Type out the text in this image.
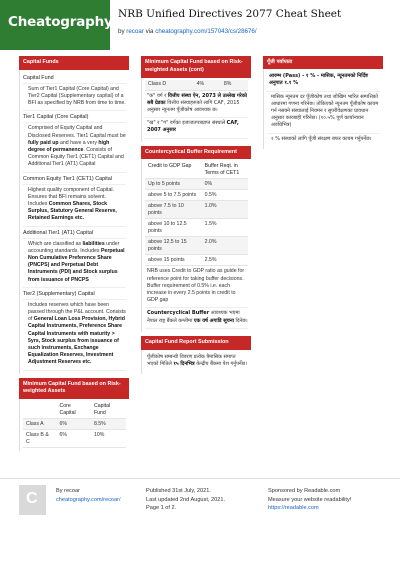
Cheatography NRB Unified Directives 2077 Cheat Sheet
by recoar via cheatography.com/157043/cs/28676/
Capital Funds
Capital Fund
Sum of Tier1 Capital (Core Capital) and Tier2 Capital (Supplementary capital) of a BFI as specified by NRB from time to time.
Tier1 Capital (Core Capital)
Comprised of Equity Capital and Disclosed Reserves. Tier1 Capital must be fully paid up and have a very high degree of permanence. Consists of Common Equity Tier1 (CET1) Capital and Additional Tier1 (AT1) Capital
Common Equity Tier1 (CET1) Capital
Highest quality component of Capital. Ensures that BFI remains solvent. Includes Common Shares, Stock Surplus, Statutory General Reserve, Retained Earnings etc.
Additional Tier1 (AT1) Capital
Which are classified as liabilities under accounting standards. Includes Perpetual Non Cumulative Preference Share (PNCPS) and Perpetual Debt Instruments (PDI) and Stock surplus from issuance of PNCPS
Tier2 (Supplementary) Capital
Includes reserves which have been passed through the P&L account. Consists of General Loan Loss Provision, Hybrid Capital Instruments, Preference Share Capital Instruments with maturity > 5yrs, Stock surplus from issuance of such instruments, Exchange Equalization Reserves, Investment Adjustment Reserves etc.
Minimum Capital Fund based on Risk-weighted Assets
	Core Capital	Capital Fund
Class A	6%	8.5%
Class B & C	6%	10%
Minimum Capital Fund based on Risk-weighted Assets (cont)
Class D	4%	8%
"क" वर्ग र वित्तीय संस्था ऐन, 2073 ले उल्लेख गरेको सबै ग्रेडका वित्तीय संस्थाहरूको लागि CAF, 2015 अनुसार न्यूनतम पूँजीकोष आवश्यक छ।
"ख" र "ग" वर्गका इजाजतपत्रप्राप्त संस्थाले CAF, 2007 अनुसार
Countercyclical Buffer Requirement
Credit to GDP Gap	Buffer Reqt. in Terms of CET1
Up to 5 points	0%
above 5 to 7.5 points	0.5%
above 7.5 to 10 points	1.0%
above 10 to 12.5 points	1.5%
above 12.5 to 15 points	2.0%
above 15 points	2.5%
NRB uses Credit to GDP ratio as guide for reference point for taking buffer decisions. Buffer requirement of 0.5% i.e. each increase in every 2.5 points in credit to GDP gap
Countercyclical Buffer आवश्यक भएमा नेपाल राष्ट्र बैंकले कम्तीमा एक वर्ष अगाडि सूचना दिनेछ।
Capital Fund Report Submission
पूँजीकोष सम्बन्धी विवरण प्रत्येक त्रैमासिक समाप्त भएको मितिले १५ दिनभित्र केन्द्रीय बैंकमा पेश गर्नुपर्नेछ।
पूँजी पर्याप्तता
आरम्भ (Pass) - १ % - मासिक, न्यूनतमको निर्दिष्ट अनुपात १.१ %
मासिक न्यूनतम दर पूँजीकोष तथा जोखिम भारित सम्पत्तिको आधारमा गणना गरिनेछ। तोकिएको न्यूनतम पूँजीकोष कायम गर्न नसक्ने संस्थालाई नियमन र सुपरीवेक्षणका प्रावधान अनुसार कारबाही गरिनेछ। (१०.५% पूर्ण कार्यान्वयन अवधिभित्र)
२ % संस्थाको लागि पूँजी संरक्षण बफर कायम गर्नुपर्नेछ।
C	By recoar
cheatography.com/recoar/
Published 31st July, 2021.
Last updated 2nd August, 2021.
Page 1 of 2.
Sponsored by Readable.com
Measure your website readability!
https://readable.com
